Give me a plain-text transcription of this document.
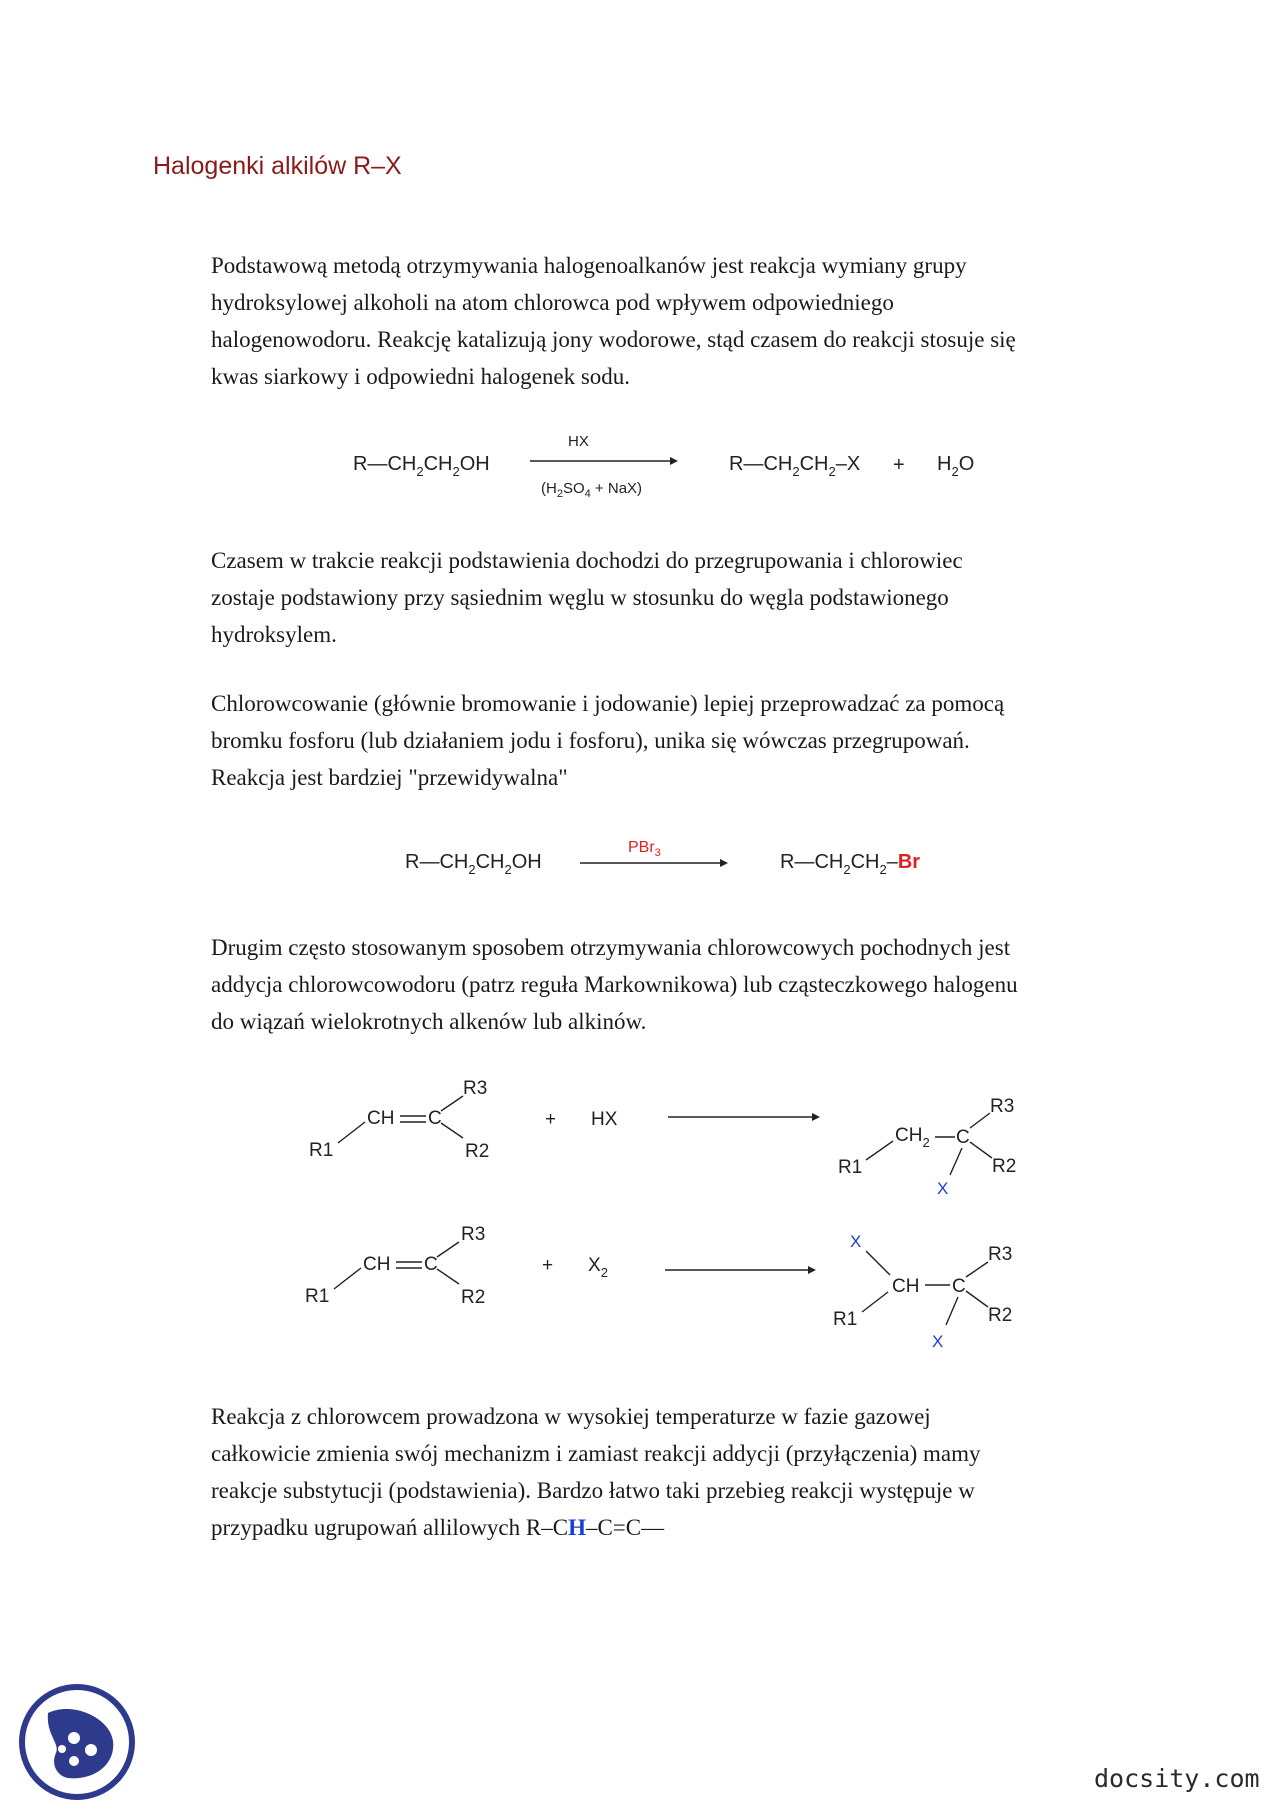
Halogenki alkilów R–X

Podstawową metodą otrzymywania halogenoalkanów jest reakcja wymiany grupy
hydroksylowej alkoholi na atom chlorowca pod wpływem odpowiedniego
halogenowodoru. Reakcję katalizują jony wodorowe, stąd czasem do reakcji stosuje się
kwas siarkowy i odpowiedni halogenek sodu.

$R—CH_2CH_2OH$
HX
$(H_2SO_4 + NaX)$
$R—CH_2CH_2-X + H_2O$

Czasem w trakcie reakcji podstawienia dochodzi do przegrupowania i chlorowiec
zostaje podstawiony przy sąsiednim węglu w stosunku do węgla podstawionego
hydroksylem.

Chlorowcowanie (głównie bromowanie i jodowanie) lepiej przeprowadzać za pomocą
bromku fosforu (lub działaniem jodu i fosforu), unika się wówczas przegrupowań.
Reakcja jest bardziej "przewidywalna"

$R—CH_2CH_2OH$
PBr$_3$	$R—CH_2CH_2-Br$

Drugim często stosowanym sposobem otrzymywania chlorowcowych pochodnych jest
addycja chlorowcowodoru (patrz reguła Markownikowa) lub cząsteczkowego halogenu
do wiązań wielokrotnych alkenów lub alkinów.

R1
CH C
R3
R2
+ HX
R1
$CH_2$ C
R3
R2
X
R1
CH C
R3
R2
+ $X_2$
X
R1
CH C
R3
R2
X

Reakcja z chlorowcem prowadzona w wysokiej temperaturze w fazie gazowej
całkowicie zmienia swój mechanizm i zamiast reakcji addycji (przyłączenia) mamy
reakcje substytucji (podstawienia). Bardzo łatwo taki przebieg reakcji występuje w
przypadku ugrupowań allilowych R–CH–C=C—

docsity.com
